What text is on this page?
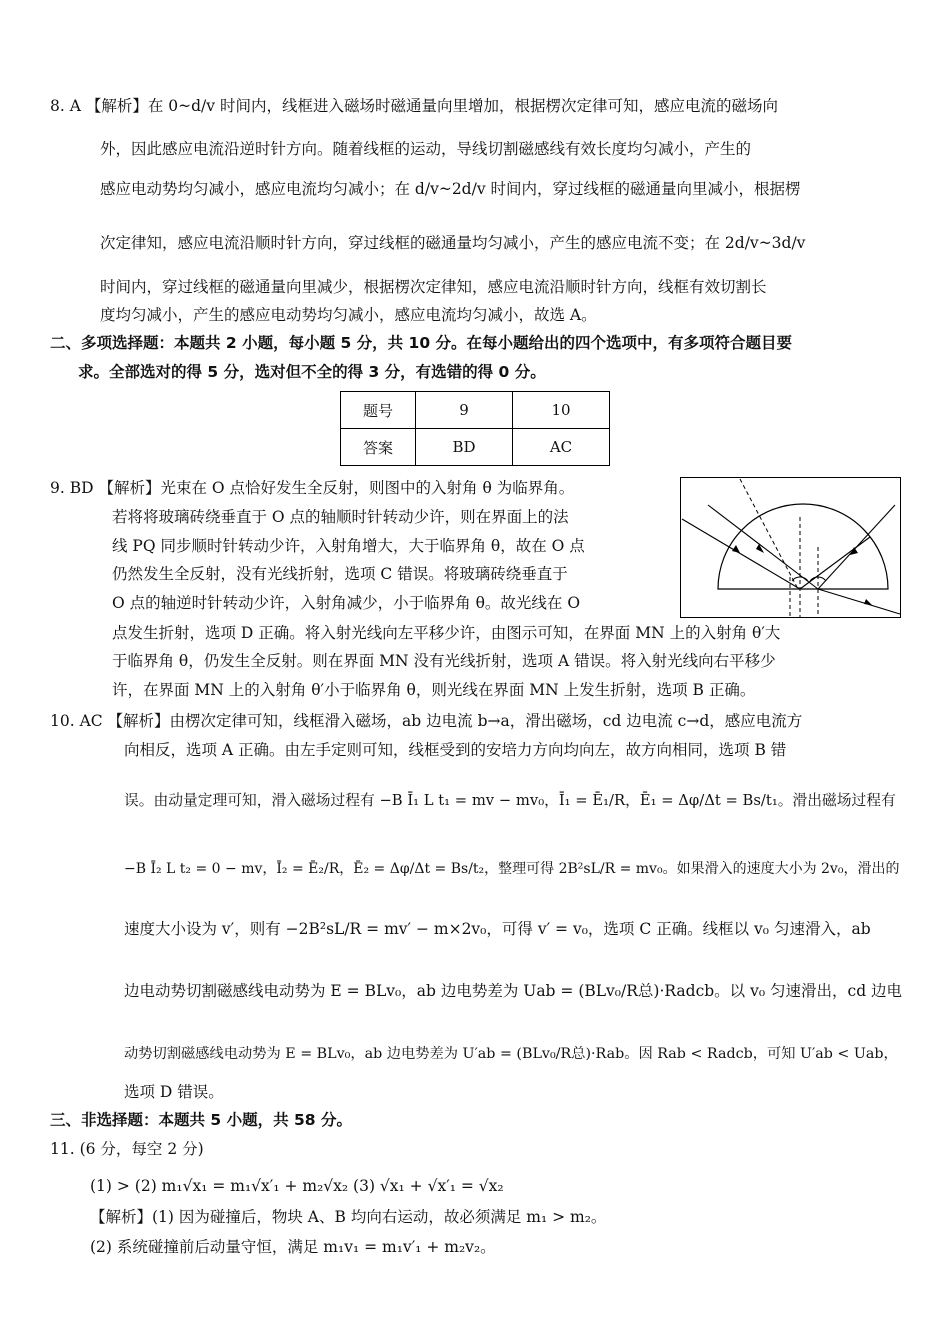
8. A 【解析】在 0~d/v 时间内，线框进入磁场时磁通量向里增加，根据楞次定律可知，感应电流的磁场向
外，因此感应电流沿逆时针方向。随着线框的运动，导线切割磁感线有效长度均匀减小，产生的
感应电动势均匀减小，感应电流均匀减小；在 d/v~2d/v 时间内，穿过线框的磁通量向里减小，根据楞
次定律知，感应电流沿顺时针方向，穿过线框的磁通量均匀减小，产生的感应电流不变；在 2d/v~3d/v
时间内，穿过线框的磁通量向里减少，根据楞次定律知，感应电流沿顺时针方向，线框有效切割长
度均匀减小，产生的感应电动势均匀减小，感应电流均匀减小，故选 A。
二、多项选择题：本题共 2 小题，每小题 5 分，共 10 分。在每小题给出的四个选项中，有多项符合题目要
求。全部选对的得 5 分，选对但不全的得 3 分，有选错的得 0 分。
题号	9	10
答案	BD	AC
9. BD 【解析】光束在 O 点恰好发生全反射，则图中的入射角 θ 为临界角。
若将将玻璃砖绕垂直于 O 点的轴顺时针转动少许，则在界面上的法
线 PQ 同步顺时针转动少许，入射角增大，大于临界角 θ，故在 O 点
仍然发生全反射，没有光线折射，选项 C 错误。将玻璃砖绕垂直于
O 点的轴逆时针转动少许，入射角减少，小于临界角 θ。故光线在 O
点发生折射，选项 D 正确。将入射光线向左平移少许，由图示可知，在界面 MN 上的入射角 θ′大
于临界角 θ，仍发生全反射。则在界面 MN 没有光线折射，选项 A 错误。将入射光线向右平移少
许，在界面 MN 上的入射角 θ′小于临界角 θ，则光线在界面 MN 上发生折射，选项 B 正确。
10. AC 【解析】由楞次定律可知，线框滑入磁场，ab 边电流 b→a，滑出磁场，cd 边电流 c→d，感应电流方
向相反，选项 A 正确。由左手定则可知，线框受到的安培力方向均向左，故方向相同，选项 B 错
误。由动量定理可知，滑入磁场过程有 −B Ī₁ L t₁ = mv − mv₀，Ī₁ = Ē₁/R，Ē₁ = Δφ/Δt = Bs/t₁。滑出磁场过程有
−B Ī₂ L t₂ = 0 − mv，Ī₂ = Ē₂/R，Ē₂ = Δφ/Δt = Bs/t₂，整理可得 2B²sL/R = mv₀。如果滑入的速度大小为 2v₀，滑出的
速度大小设为 v′，则有 −2B²sL/R = mv′ − m×2v₀，可得 v′ = v₀，选项 C 正确。线框以 v₀ 匀速滑入，ab
边电动势切割磁感线电动势为 E = BLv₀，ab 边电势差为 Uab = (BLv₀/R总)·Radcb。以 v₀ 匀速滑出，cd 边电
动势切割磁感线电动势为 E = BLv₀，ab 边电势差为 U′ab = (BLv₀/R总)·Rab。因 Rab < Radcb，可知 U′ab < Uab，
选项 D 错误。
三、非选择题：本题共 5 小题，共 58 分。
11. (6 分，每空 2 分)
(1) > (2) m₁√x₁ = m₁√x′₁ + m₂√x₂ (3) √x₁ + √x′₁ = √x₂
【解析】(1) 因为碰撞后，物块 A、B 均向右运动，故必须满足 m₁ > m₂。
(2) 系统碰撞前后动量守恒，满足 m₁v₁ = m₁v′₁ + m₂v₂。
